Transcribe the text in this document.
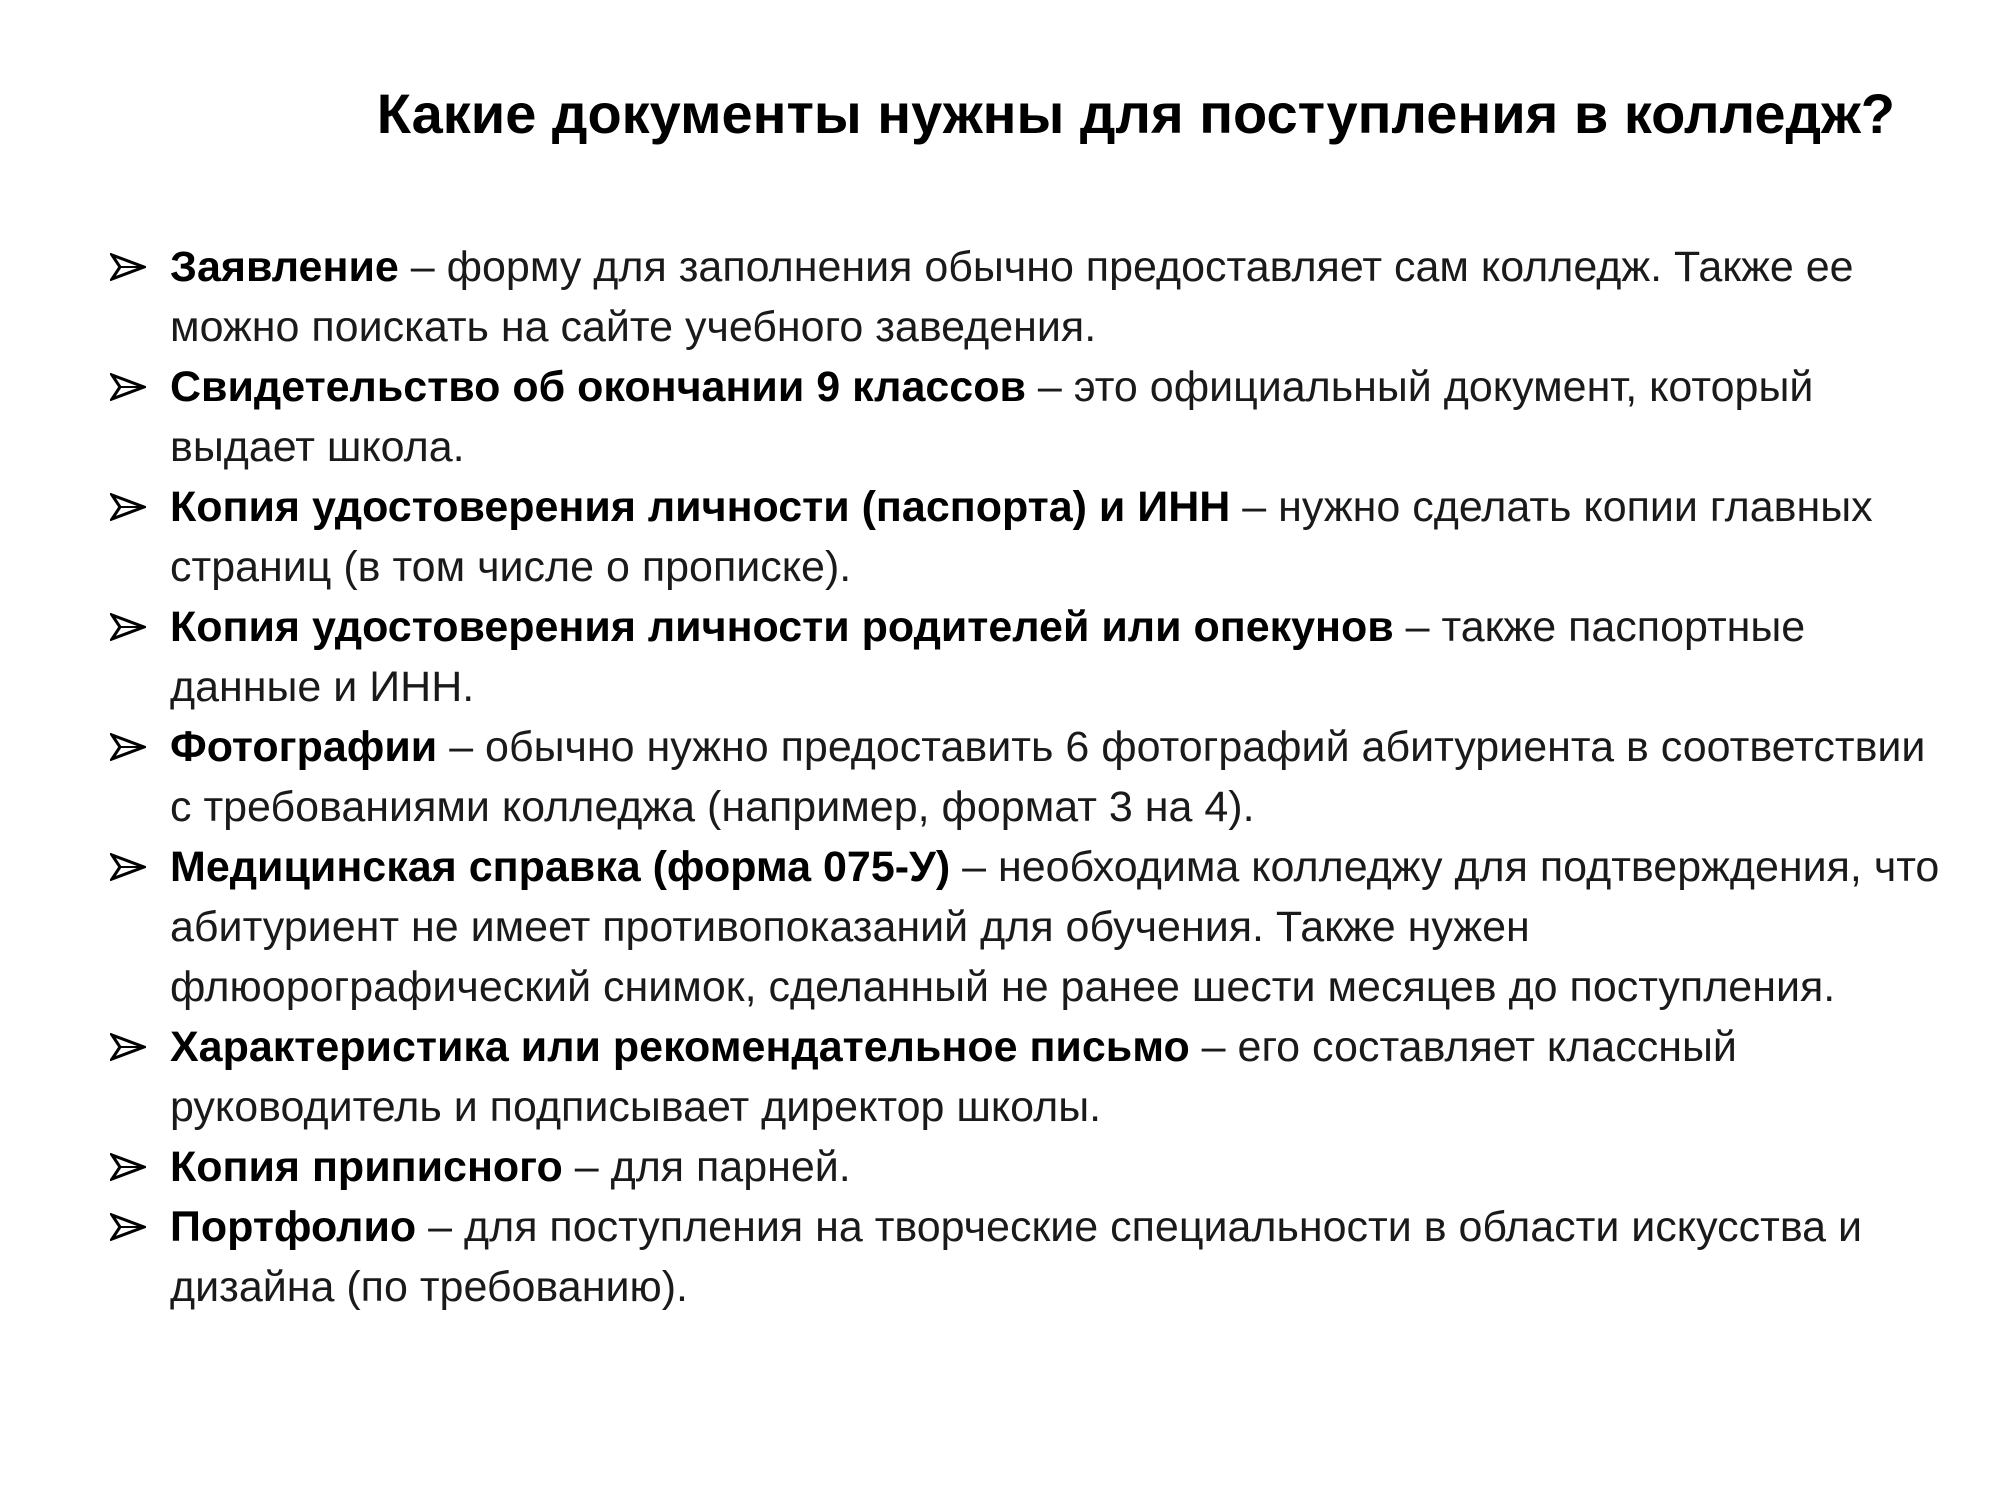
Какие документы нужны для поступления в колледж?
Заявление – форму для заполнения обычно предоставляет сам колледж. Также ее можно поискать на сайте учебного заведения.
Свидетельство об окончании 9 классов – это официальный документ, который выдает школа.
Копия удостоверения личности (паспорта) и ИНН – нужно сделать копии главных страниц (в том числе о прописке).
Копия удостоверения личности родителей или опекунов – также паспортные данные и ИНН.
Фотографии – обычно нужно предоставить 6 фотографий абитуриента в соответствии с требованиями колледжа (например, формат 3 на 4).
Медицинская справка (форма 075-У) – необходима колледжу для подтверждения, что абитуриент не имеет противопоказаний для обучения. Также нужен флюорографический снимок, сделанный не ранее шести месяцев до поступления.
Характеристика или рекомендательное письмо – его составляет классный руководитель и подписывает директор школы.
Копия приписного – для парней.
Портфолио – для поступления на творческие специальности в области искусства и дизайна (по требованию).
